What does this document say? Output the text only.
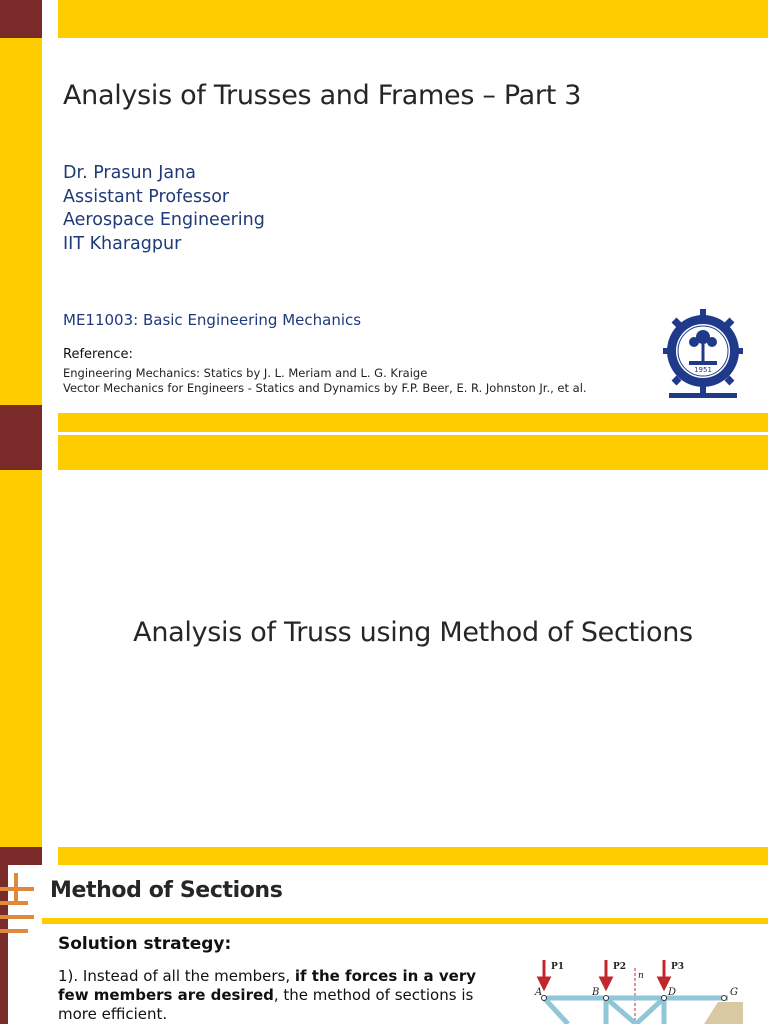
Analysis of Trusses and Frames – Part 3
Dr. Prasun Jana
Assistant Professor
Aerospace Engineering
IIT Kharagpur
ME11003: Basic Engineering Mechanics
Reference:
Engineering Mechanics: Statics by J. L. Meriam and L. G. Kraige
Vector Mechanics for Engineers - Statics and Dynamics by F.P. Beer, E. R. Johnston Jr., et al.
1951
Analysis of Truss using Method of Sections
Method of Sections
Solution strategy:
1). Instead of all the members, if the forces in a very few members are desired, the method of sections is more efficient.
P1	P2	P3
n
A	B	D	G
